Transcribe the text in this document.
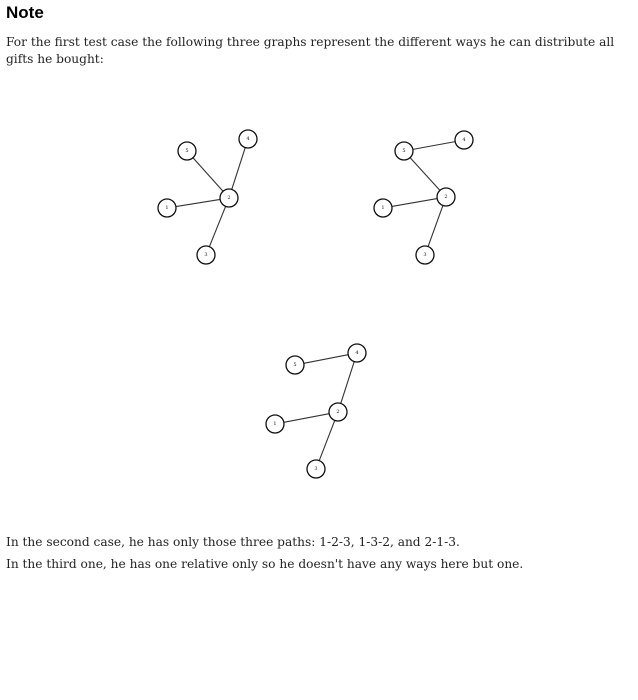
Note

For the first test case the following three graphs represent the different ways he can distribute all gifts he bought:

1
2
3
4
5
1
2
3
4
5
1
2
3
4
5

In the second case, he has only those three paths: 1-2-3, 1-3-2, and 2-1-3.

In the third one, he has one relative only so he doesn't have any ways here but one.
